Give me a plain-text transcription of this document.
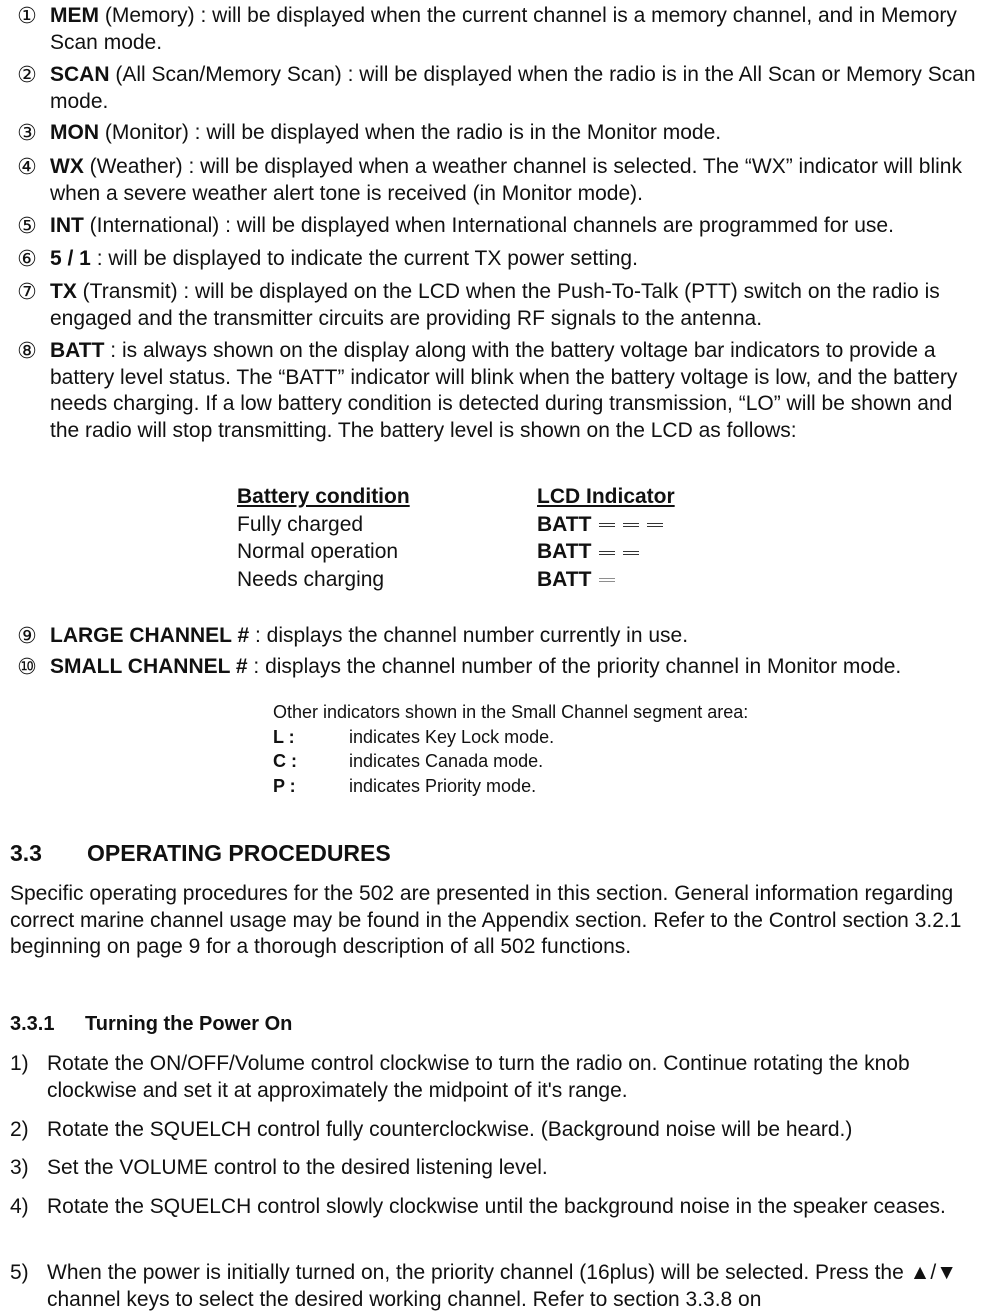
① MEM (Memory) : will be displayed when the current channel is a memory channel, and in Memory Scan mode.
② SCAN (All Scan/Memory Scan) : will be displayed when the radio is in the All Scan or Memory Scan mode.
③ MON (Monitor) : will be displayed when the radio is in the Monitor mode.
④ WX (Weather) : will be displayed when a weather channel is selected. The “WX” indicator will blink when a severe weather alert tone is received (in Monitor mode).
⑤ INT (International) : will be displayed when International channels are programmed for use.
⑥ 5 / 1 : will be displayed to indicate the current TX power setting.
⑦ TX (Transmit) : will be displayed on the LCD when the Push-To-Talk (PTT) switch on the radio is engaged and the transmitter circuits are providing RF signals to the antenna.
⑧ BATT : is always shown on the display along with the battery voltage bar indicators to provide a battery level status. The “BATT” indicator will blink when the battery voltage is low, and the battery needs charging. If a low battery condition is detected during transmission, “LO” will be shown and the radio will stop transmitting. The battery level is shown on the LCD as follows:
Battery condition	LCD Indicator
Fully charged	BATT
Normal operation	BATT
Needs charging	BATT
⑨ LARGE CHANNEL # : displays the channel number currently in use.
⑩ SMALL CHANNEL # : displays the channel number of the priority channel in Monitor mode.
Other indicators shown in the Small Channel segment area:
L :	indicates Key Lock mode.
C :	indicates Canada mode.
P :	indicates Priority mode.
3.3 OPERATING PROCEDURES
Specific operating procedures for the 502 are presented in this section. General information regarding correct marine channel usage may be found in the Appendix section. Refer to the Control section 3.2.1 beginning on page 9 for a thorough description of all 502 functions.
3.3.1 Turning the Power On
1) Rotate the ON/OFF/Volume control clockwise to turn the radio on. Continue rotating the knob clockwise and set it at approximately the midpoint of it's range.
2) Rotate the SQUELCH control fully counterclockwise. (Background noise will be heard.)
3) Set the VOLUME control to the desired listening level.
4) Rotate the SQUELCH control slowly clockwise until the background noise in the speaker ceases.
5) When the power is initially turned on, the priority channel (16plus) will be selected. Press the ▲/▼ channel keys to select the desired working channel. Refer to section 3.3.8 on
